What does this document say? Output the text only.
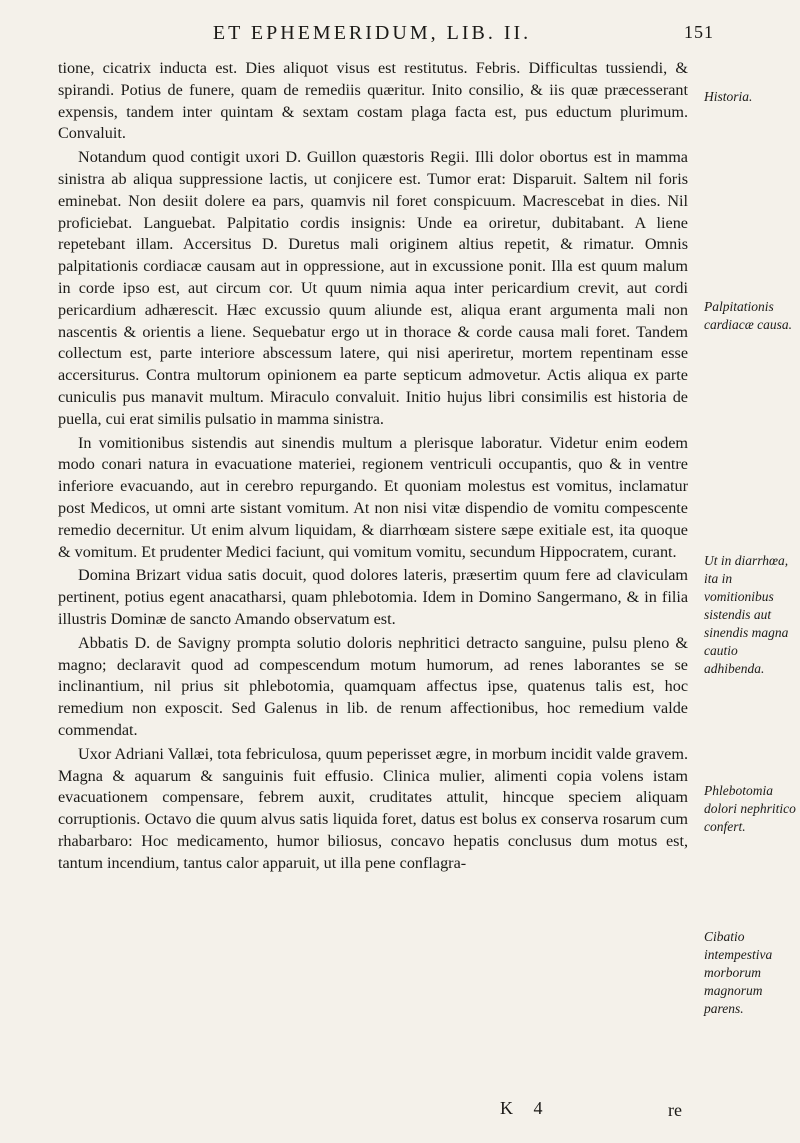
ET EPHEMERIDUM, LIB. II.	151

tione, cicatrix inducta est. Dies aliquot visus est restitutus. Febris. Difficultas tussiendi, & spirandi. Potius de funere, quam de remediis quæritur. Inito consilio, & iis quæ præcesserant expensis, tandem inter quintam & sextam costam plaga facta est, pus eductum plurimum. Convaluit.

Notandum quod contigit uxori D. Guillon quæstoris Regii. Illi dolor obortus est in mamma sinistra ab aliqua suppressione lactis, ut conjicere est. Tumor erat: Disparuit. Saltem nil foris eminebat. Non desiit dolere ea pars, quamvis nil foret conspicuum. Macrescebat in dies. Nil proficiebat. Languebat. Palpitatio cordis insignis: Unde ea oriretur, dubitabant. A liene repetebant illam. Accersitus D. Duretus mali originem altius repetit, & rimatur. Omnis palpitationis cordiacæ causam aut in oppressione, aut in excussione ponit. Illa est quum malum in corde ipso est, aut circum cor. Ut quum nimia aqua inter pericardium crevit, aut cordi pericardium adhærescit. Hæc excussio quum aliunde est, aliqua erant argumenta mali non nascentis & orientis a liene. Sequebatur ergo ut in thorace & corde causa mali foret. Tandem collectum est, parte interiore abscessum latere, qui nisi aperiretur, mortem repentinam esse accersiturus. Contra multorum opinionem ea parte septicum admovetur. Actis aliqua ex parte cuniculis pus manavit multum. Miraculo convaluit. Initio hujus libri consimilis est historia de puella, cui erat similis pulsatio in mamma sinistra.

In vomitionibus sistendis aut sinendis multum a plerisque laboratur. Videtur enim eodem modo conari natura in evacuatione materiei, regionem ventriculi occupantis, quo & in ventre inferiore evacuando, aut in cerebro repurgando. Et quoniam molestus est vomitus, inclamatur post Medicos, ut omni arte sistant vomitum. At non nisi vitæ dispendio de vomitu compescente remedio decernitur. Ut enim alvum liquidam, & diarrhœam sistere sæpe exitiale est, ita quoque & vomitum. Et prudenter Medici faciunt, qui vomitum vomitu, secundum Hippocratem, curant.

Domina Brizart vidua satis docuit, quod dolores lateris, præsertim quum fere ad claviculam pertinent, potius egent anacatharsi, quam phlebotomia. Idem in Domino Sangermano, & in filia illustris Dominæ de sancto Amando observatum est.

Abbatis D. de Savigny prompta solutio doloris nephritici detracto sanguine, pulsu pleno & magno; declaravit quod ad compescendum motum humorum, ad renes laborantes se se inclinantium, nil prius sit phlebotomia, quamquam affectus ipse, quatenus talis est, hoc remedium non exposcit. Sed Galenus in lib. de renum affectionibus, hoc remedium valde commendat.

Uxor Adriani Vallæi, tota febriculosa, quum peperisset ægre, in morbum incidit valde gravem. Magna & aquarum & sanguinis fuit effusio. Clinica mulier, alimenti copia volens istam evacuationem compensare, febrem auxit, cruditates attulit, hincque speciem aliquam corruptionis. Octavo die quum alvus satis liquida foret, datus est bolus ex conserva rosarum cum rhabarbaro: Hoc medicamento, humor biliosus, concavo hepatis conclusus dum motus est, tantum incendium, tantus calor apparuit, ut illa pene conflagra-

Historia.
Palpitationis cardiacæ causa.
Ut in diarrhœa, ita in vomitionibus sistendis aut sinendis magna cautio adhibenda.
Phlebotomia dolori nephritico confert.
Cibatio intempestiva morborum magnorum parens.
K 4	re
